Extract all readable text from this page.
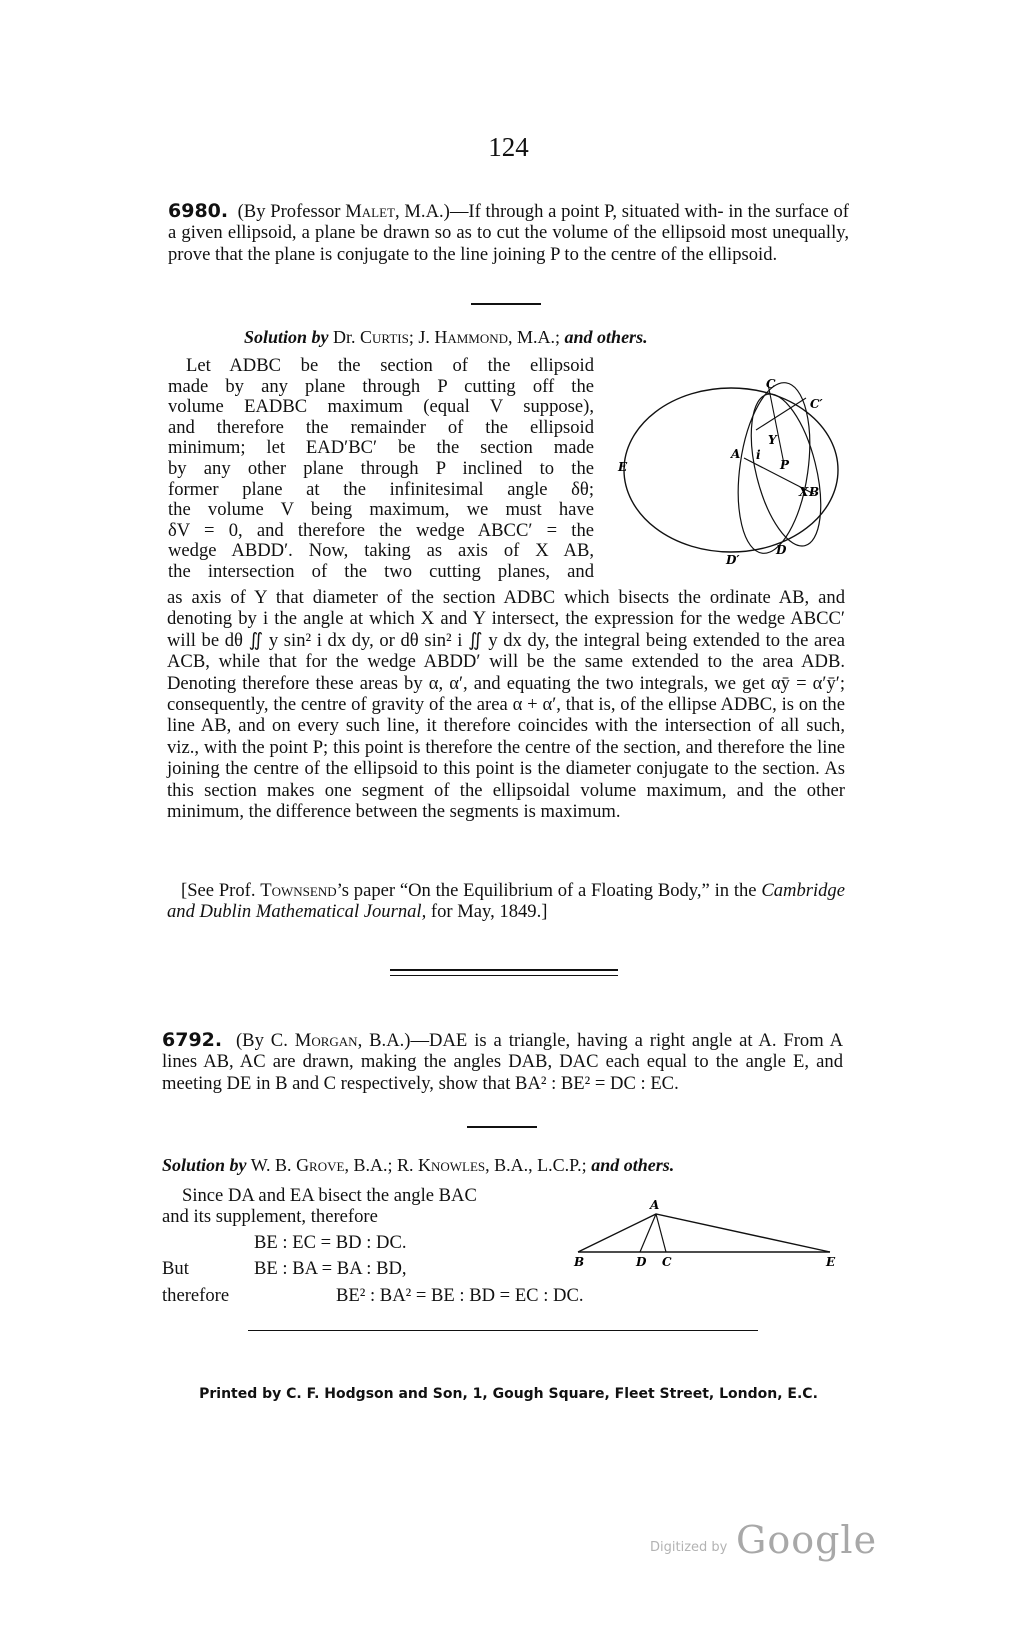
124

6980. (By Professor Malet, M.A.)—If through a point P, situated with- in the surface of a given ellipsoid, a plane be drawn so as to cut the volume of the ellipsoid most unequally, prove that the plane is conjugate to the line joining P to the centre of the ellipsoid.

Solution by Dr. Curtis; J. Hammond, M.A.; and others.
Let ADBC be the section of the ellipsoid
made by any plane through P cutting off the
volume EADBC maximum (equal V suppose),
and therefore the remainder of the ellipsoid
minimum; let EAD′BC′ be the section made
by any other plane through P inclined to the
former plane at the infinitesimal angle δθ;
the volume V being maximum, we must have
δV = 0, and therefore the wedge ABCC′ = the
wedge ABDD′. Now, taking as axis of X AB,
the intersection of the two cutting planes, and
C
C′
A i
Y
P
X B
E
D′
D

as axis of Y that diameter of the section ADBC which bisects the ordinate AB, and denoting by i the angle at which X and Y intersect, the expression for the wedge ABCC′ will be dθ ∬ y sin² i dx dy, or dθ sin² i ∬ y dx dy, the integral being extended to the area ACB, while that for the wedge ABDD′ will be the same extended to the area ADB. Denoting therefore these areas by α, α′, and equating the two integrals, we get αȳ = α′ȳ′; consequently, the centre of gravity of the area α + α′, that is, of the ellipse ADBC, is on the line AB, and on every such line, it therefore coincides with the intersection of all such, viz., with the point P; this point is therefore the centre of the section, and therefore the line joining the centre of the ellipsoid to this point is the diameter conjugate to the section. As this section makes one segment of the ellipsoidal volume maximum, and the other minimum, the difference between the segments is maximum.

[See Prof. Townsend’s paper “On the Equilibrium of a Floating Body,” in the Cambridge and Dublin Mathematical Journal, for May, 1849.]

6792. (By C. Morgan, B.A.)—DAE is a triangle, having a right angle at A. From A lines AB, AC are drawn, making the angles DAB, DAC each equal to the angle E, and meeting DE in B and C respectively, show that BA² : BE² = DC : EC.

Solution by W. B. Grove, B.A.; R. Knowles, B.A., L.C.P.; and others.
Since DA and EA bisect the angle BAC
and its supplement, therefore
BE : EC = BD : DC.
But	BE : BA = BA : BD,
therefore	BE² : BA² = BE : BD = EC : DC.
A
B	D C	E
Printed by C. F. Hodgson and Son, 1, Gough Square, Fleet Street, London, E.C.
Digitized by Google
